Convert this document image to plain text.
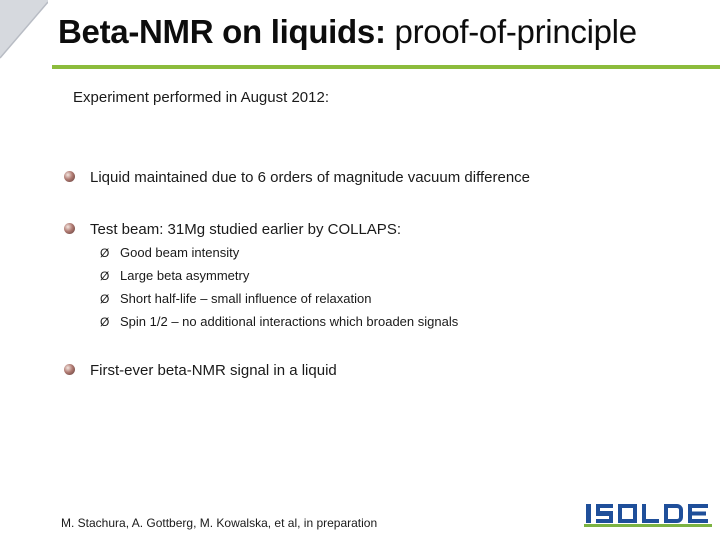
Beta-NMR on liquids: proof-of-principle
Experiment performed in August 2012:
Liquid maintained due to 6 orders of magnitude vacuum difference
Test beam: 31Mg studied earlier by COLLAPS:
Ø Good beam intensity
Ø Large beta asymmetry
Ø Short half-life – small influence of relaxation
Ø Spin 1/2 – no additional interactions which broaden signals
First-ever beta-NMR signal in a liquid
M. Stachura, A. Gottberg, M. Kowalska, et al, in preparation
